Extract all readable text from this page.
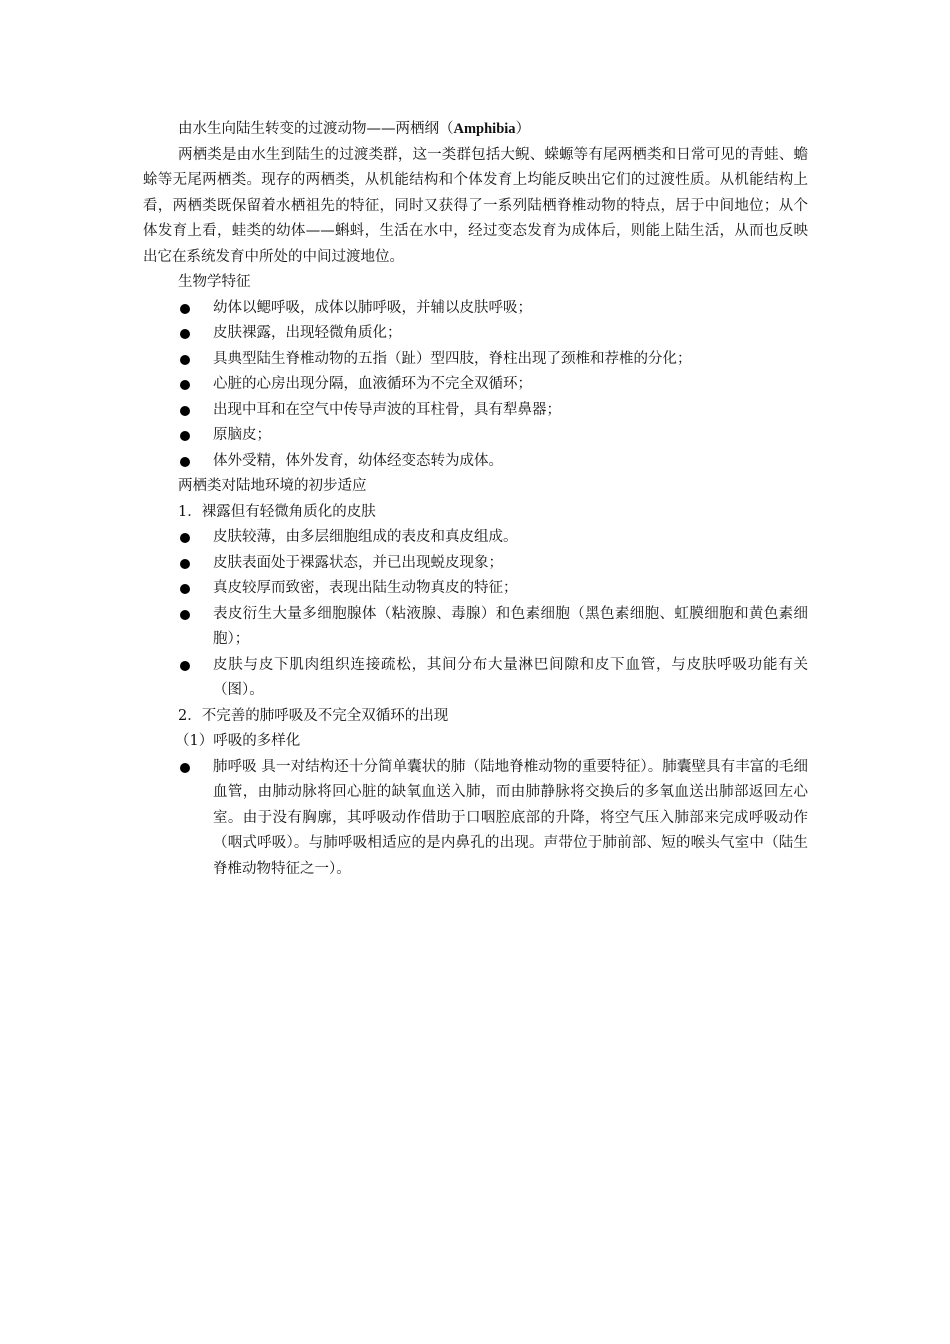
由水生向陆生转变的过渡动物——两栖纲（Amphibia）

两栖类是由水生到陆生的过渡类群，这一类群包括大鲵、蝾螈等有尾两栖类和日常可见的青蛙、蟾蜍等无尾两栖类。现存的两栖类，从机能结构和个体发育上均能反映出它们的过渡性质。从机能结构上看，两栖类既保留着水栖祖先的特征，同时又获得了一系列陆栖脊椎动物的特点，居于中间地位；从个体发育上看，蛙类的幼体——蝌蚪，生活在水中，经过变态发育为成体后，则能上陆生活，从而也反映出它在系统发育中所处的中间过渡地位。

生物学特征

幼体以鳃呼吸，成体以肺呼吸，并辅以皮肤呼吸；
皮肤裸露，出现轻微角质化；
具典型陆生脊椎动物的五指（趾）型四肢，脊柱出现了颈椎和荐椎的分化；
心脏的心房出现分隔，血液循环为不完全双循环；
出现中耳和在空气中传导声波的耳柱骨，具有犁鼻器；
原脑皮；
体外受精，体外发育，幼体经变态转为成体。

两栖类对陆地环境的初步适应

1．裸露但有轻微角质化的皮肤

皮肤较薄，由多层细胞组成的表皮和真皮组成。
皮肤表面处于裸露状态，并已出现蜕皮现象；
真皮较厚而致密，表现出陆生动物真皮的特征；
表皮衍生大量多细胞腺体（粘液腺、毒腺）和色素细胞（黑色素细胞、虹膜细胞和黄色素细胞）；
皮肤与皮下肌肉组织连接疏松，其间分布大量淋巴间隙和皮下血管，与皮肤呼吸功能有关（图）。

2．不完善的肺呼吸及不完全双循环的出现

（1）呼吸的多样化

肺呼吸 具一对结构还十分简单囊状的肺（陆地脊椎动物的重要特征）。肺囊壁具有丰富的毛细血管，由肺动脉将回心脏的缺氧血送入肺，而由肺静脉将交换后的多氧血送出肺部返回左心室。由于没有胸廓，其呼吸动作借助于口咽腔底部的升降，将空气压入肺部来完成呼吸动作（咽式呼吸）。与肺呼吸相适应的是内鼻孔的出现。声带位于肺前部、短的喉头气室中（陆生脊椎动物特征之一）。
